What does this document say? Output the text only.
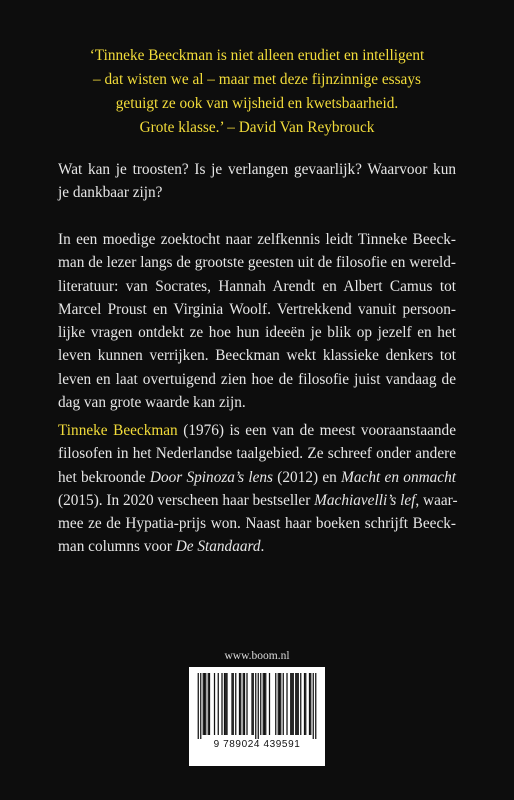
‘Tinneke Beeckman is niet alleen erudiet en intelligent
– dat wisten we al – maar met deze fijnzinnige essays
getuigt ze ook van wijsheid en kwetsbaarheid.
Grote klasse.’ – David Van Reybrouck
Wat kan je troosten? Is je verlangen gevaarlijk? Waarvoor kun
je dankbaar zijn?
In een moedige zoektocht naar zelfkennis leidt Tinneke Beeck-
man de lezer langs de grootste geesten uit de filosofie en wereld-
literatuur: van Socrates, Hannah Arendt en Albert Camus tot
Marcel Proust en Virginia Woolf. Vertrekkend vanuit persoon-
lijke vragen ontdekt ze hoe hun ideeën je blik op jezelf en het
leven kunnen verrijken. Beeckman wekt klassieke denkers tot
leven en laat overtuigend zien hoe de filosofie juist vandaag de
dag van grote waarde kan zijn.
Tinneke Beeckman (1976) is een van de meest vooraanstaande
filosofen in het Nederlandse taalgebied. Ze schreef onder andere
het bekroonde Door Spinoza’s lens (2012) en Macht en onmacht
(2015). In 2020 verscheen haar bestseller Machiavelli’s lef, waar-
mee ze de Hypatia-prijs won. Naast haar boeken schrijft Beeck-
man columns voor De Standaard.
www.boom.nl
9 789024 439591
